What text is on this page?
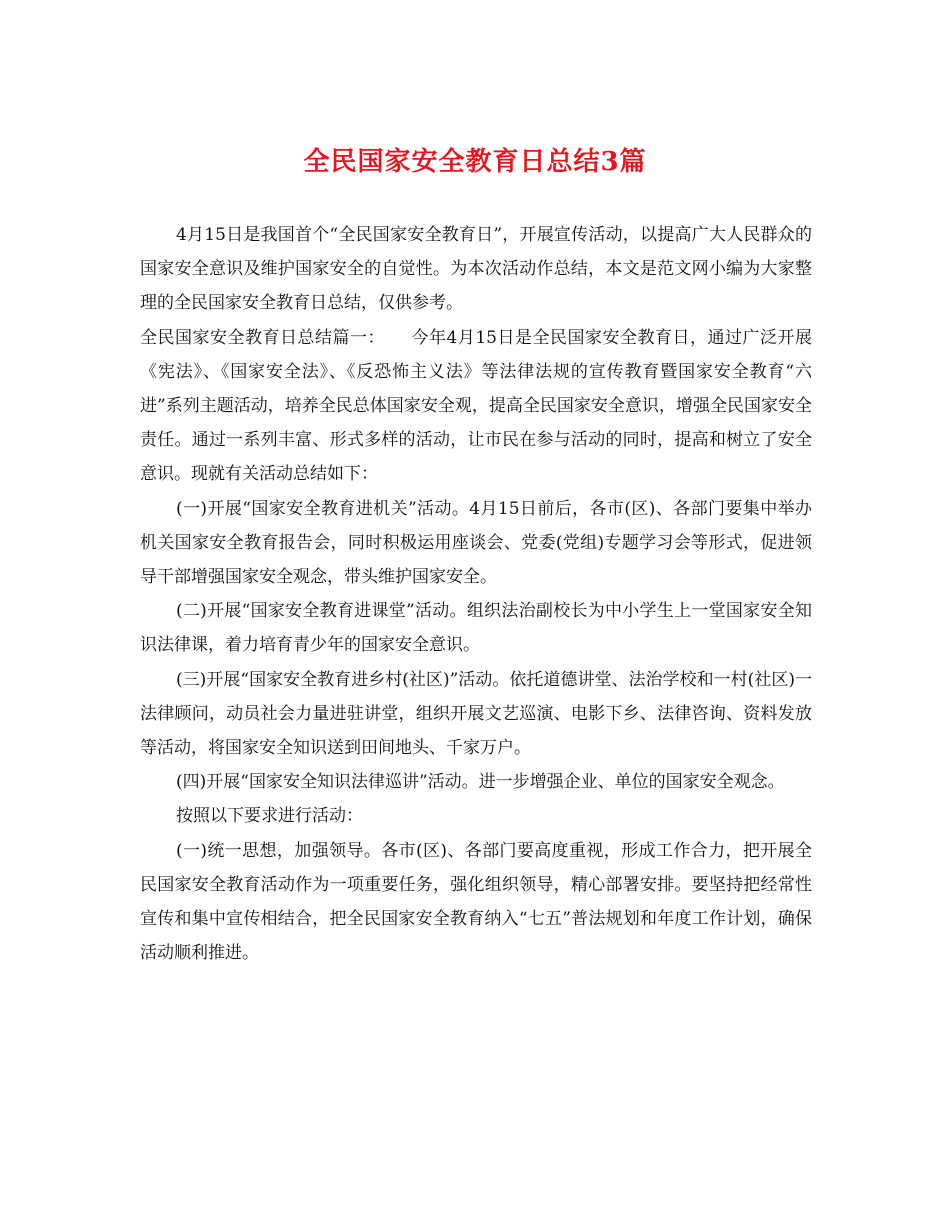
全民国家安全教育日总结3篇

4月15日是我国首个“全民国家安全教育日”，开展宣传活动，以提高广大人民群众的国家安全意识及维护国家安全的自觉性。为本次活动作总结，本文是范文网小编为大家整理的全民国家安全教育日总结，仅供参考。

全民国家安全教育日总结篇一：　　今年4月15日是全民国家安全教育日，通过广泛开展《宪法》、《国家安全法》、《反恐怖主义法》等法律法规的宣传教育暨国家安全教育“六进”系列主题活动，培养全民总体国家安全观，提高全民国家安全意识，增强全民国家安全责任。通过一系列丰富、形式多样的活动，让市民在参与活动的同时，提高和树立了安全意识。现就有关活动总结如下：

(一)开展“国家安全教育进机关”活动。4月15日前后，各市(区)、各部门要集中举办机关国家安全教育报告会，同时积极运用座谈会、党委(党组)专题学习会等形式，促进领导干部增强国家安全观念，带头维护国家安全。

(二)开展“国家安全教育进课堂”活动。组织法治副校长为中小学生上一堂国家安全知识法律课，着力培育青少年的国家安全意识。

(三)开展“国家安全教育进乡村(社区)”活动。依托道德讲堂、法治学校和一村(社区)一法律顾问，动员社会力量进驻讲堂，组织开展文艺巡演、电影下乡、法律咨询、资料发放等活动，将国家安全知识送到田间地头、千家万户。

(四)开展“国家安全知识法律巡讲”活动。进一步增强企业、单位的国家安全观念。

按照以下要求进行活动：

(一)统一思想，加强领导。各市(区)、各部门要高度重视，形成工作合力，把开展全民国家安全教育活动作为一项重要任务，强化组织领导，精心部署安排。要坚持把经常性宣传和集中宣传相结合，把全民国家安全教育纳入“七五”普法规划和年度工作计划，确保活动顺利推进。
